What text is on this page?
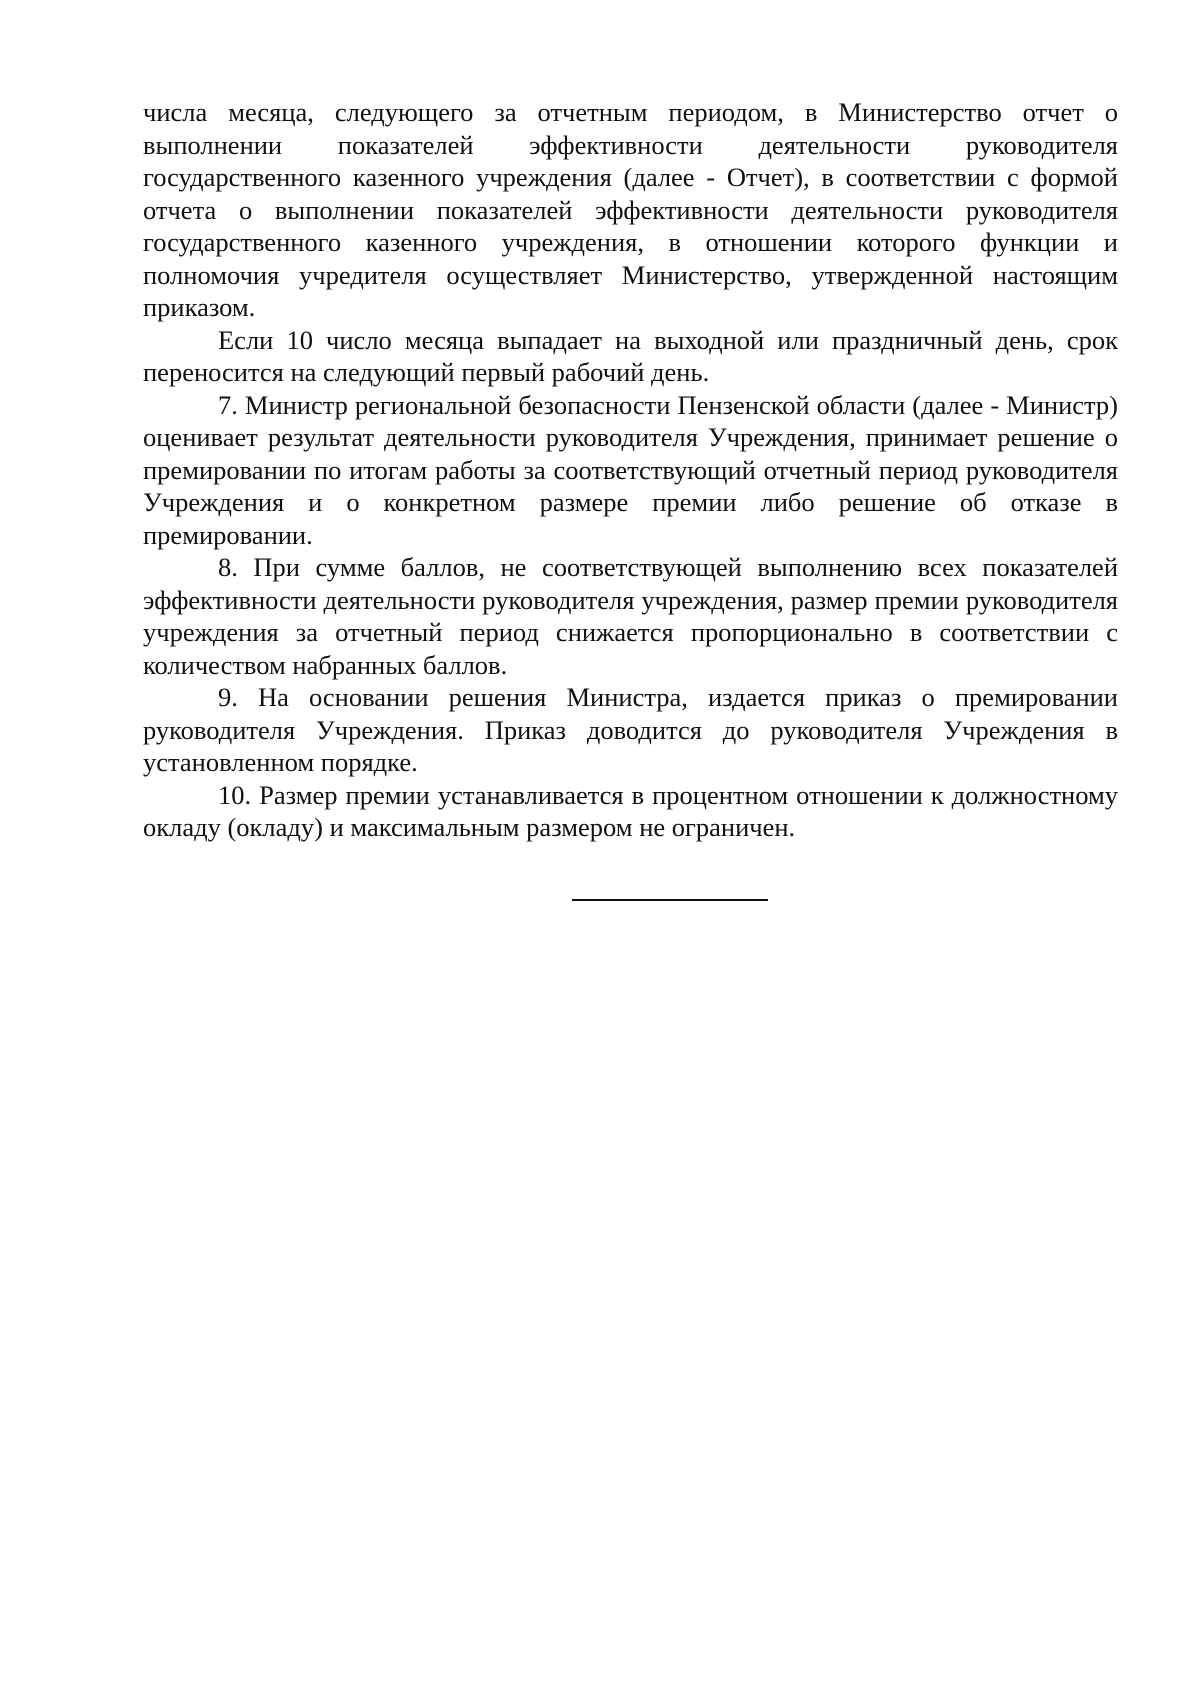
числа месяца, следующего за отчетным периодом, в Министерство отчет о выполнении показателей эффективности деятельности руководителя государственного казенного учреждения (далее - Отчет), в соответствии с формой отчета о выполнении показателей эффективности деятельности руководителя государственного казенного учреждения, в отношении которого функции и полномочия учредителя осуществляет Министерство, утвержденной настоящим приказом.

Если 10 число месяца выпадает на выходной или праздничный день, срок переносится на следующий первый рабочий день.

7. Министр региональной безопасности Пензенской области (далее - Министр) оценивает результат деятельности руководителя Учреждения, принимает решение о премировании по итогам работы за соответствующий отчетный период руководителя Учреждения и о конкретном размере премии либо решение об отказе в премировании.

8. При сумме баллов, не соответствующей выполнению всех показателей эффективности деятельности руководителя учреждения, размер премии руководителя учреждения за отчетный период снижается пропорционально в соответствии с количеством набранных баллов.

9. На основании решения Министра, издается приказ о премировании руководителя Учреждения. Приказ доводится до руководителя Учреждения в установленном порядке.

10. Размер премии устанавливается в процентном отношении к должностному окладу (окладу) и максимальным размером не ограничен.
